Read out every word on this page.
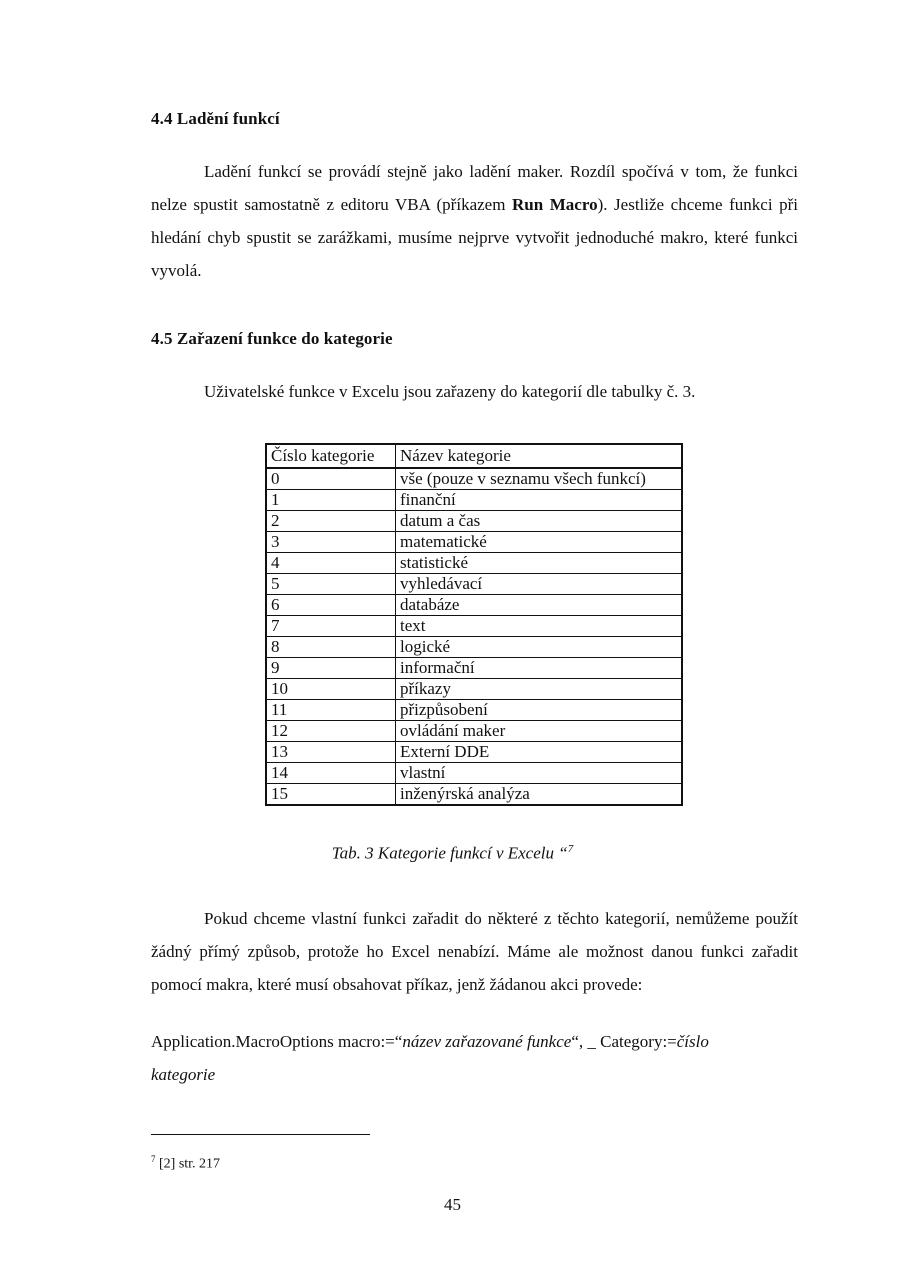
4.4 Ladění funkcí

Ladění funkcí se provádí stejně jako ladění maker. Rozdíl spočívá v tom, že funkci nelze spustit samostatně z editoru VBA (příkazem Run Macro). Jestliže chceme funkci při hledání chyb spustit se zarážkami, musíme nejprve vytvořit jednoduché makro, které funkci vyvolá.

4.5 Zařazení funkce do kategorie

Uživatelské funkce v Excelu jsou zařazeny do kategorií dle tabulky č. 3.

Číslo kategorie	Název kategorie
0	vše (pouze v seznamu všech funkcí)
1	finanční
2	datum a čas
3	matematické
4	statistické
5	vyhledávací
6	databáze
7	text
8	logické
9	informační
10	příkazy
11	přizpůsobení
12	ovládání maker
13	Externí DDE
14	vlastní
15	inženýrská analýza
Tab. 3 Kategorie funkcí v Excelu “$^7$

Pokud chceme vlastní funkci zařadit do některé z těchto kategorií, nemůžeme použít žádný přímý způsob, protože ho Excel nenabízí. Máme ale možnost danou funkci zařadit pomocí makra, které musí obsahovat příkaz, jenž žádanou akci provede:

Application.MacroOptions macro:=“název zařazované funkce“, _ Category:=číslo
kategorie
$^7$ [2] str. 217
45
